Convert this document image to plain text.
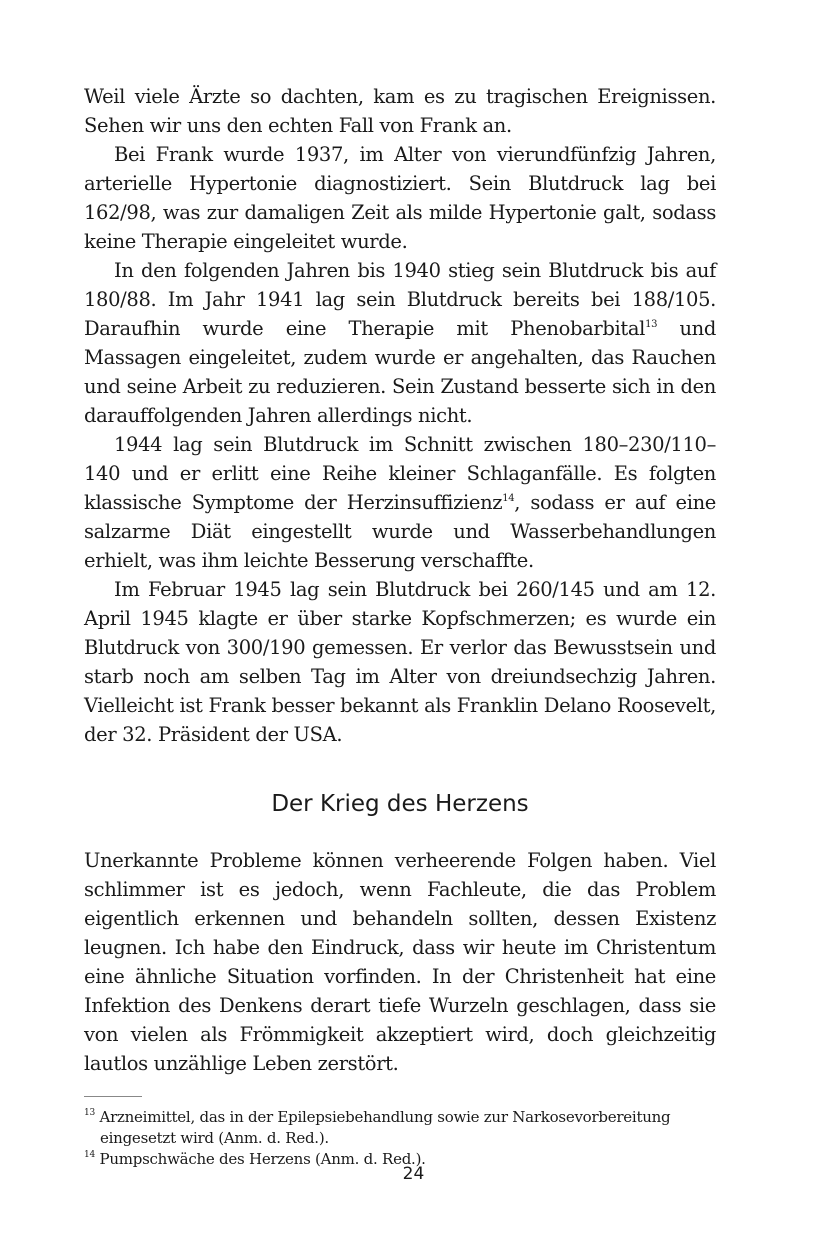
Weil viele Ärzte so dachten, kam es zu tragischen Ereignissen. Sehen wir uns den echten Fall von Frank an.

Bei Frank wurde 1937, im Alter von vierundfünfzig Jahren, arterielle Hypertonie diagnostiziert. Sein Blutdruck lag bei 162/98, was zur damaligen Zeit als milde Hypertonie galt, sodass keine Therapie eingeleitet wurde.

In den folgenden Jahren bis 1940 stieg sein Blutdruck bis auf 180/88. Im Jahr 1941 lag sein Blutdruck bereits bei 188/105. Daraufhin wurde eine Therapie mit Phenobarbital$^{13}$ und Massagen eingeleitet, zudem wurde er angehalten, das Rauchen und seine Arbeit zu reduzieren. Sein Zustand besserte sich in den darauffolgenden Jahren allerdings nicht.

1944 lag sein Blutdruck im Schnitt zwischen 180–230/110–140 und er erlitt eine Reihe kleiner Schlaganfälle. Es folgten klassische Symptome der Herzinsuffizienz$^{14}$, sodass er auf eine salzarme Diät eingestellt wurde und Wasserbehandlungen erhielt, was ihm leichte Besserung verschaffte.

Im Februar 1945 lag sein Blutdruck bei 260/145 und am 12. April 1945 klagte er über starke Kopfschmerzen; es wurde ein Blutdruck von 300/190 gemessen. Er verlor das Bewusstsein und starb noch am selben Tag im Alter von dreiundsechzig Jahren. Vielleicht ist Frank besser bekannt als Franklin Delano Roosevelt, der 32. Präsident der USA.

Der Krieg des Herzens

Unerkannte Probleme können verheerende Folgen haben. Viel schlimmer ist es jedoch, wenn Fachleute, die das Problem eigentlich erkennen und behandeln sollten, dessen Existenz leugnen. Ich habe den Eindruck, dass wir heute im Christentum eine ähnliche Situation vorfinden. In der Christenheit hat eine Infektion des Denkens derart tiefe Wurzeln geschlagen, dass sie von vielen als Frömmigkeit akzeptiert wird, doch gleichzeitig lautlos unzählige Leben zerstört.

$^{13}$ Arzneimittel, das in der Epilepsiebehandlung sowie zur Narkosevorbereitung eingesetzt wird (Anm. d. Red.).

$^{14}$ Pumpschwäche des Herzens (Anm. d. Red.).

24
